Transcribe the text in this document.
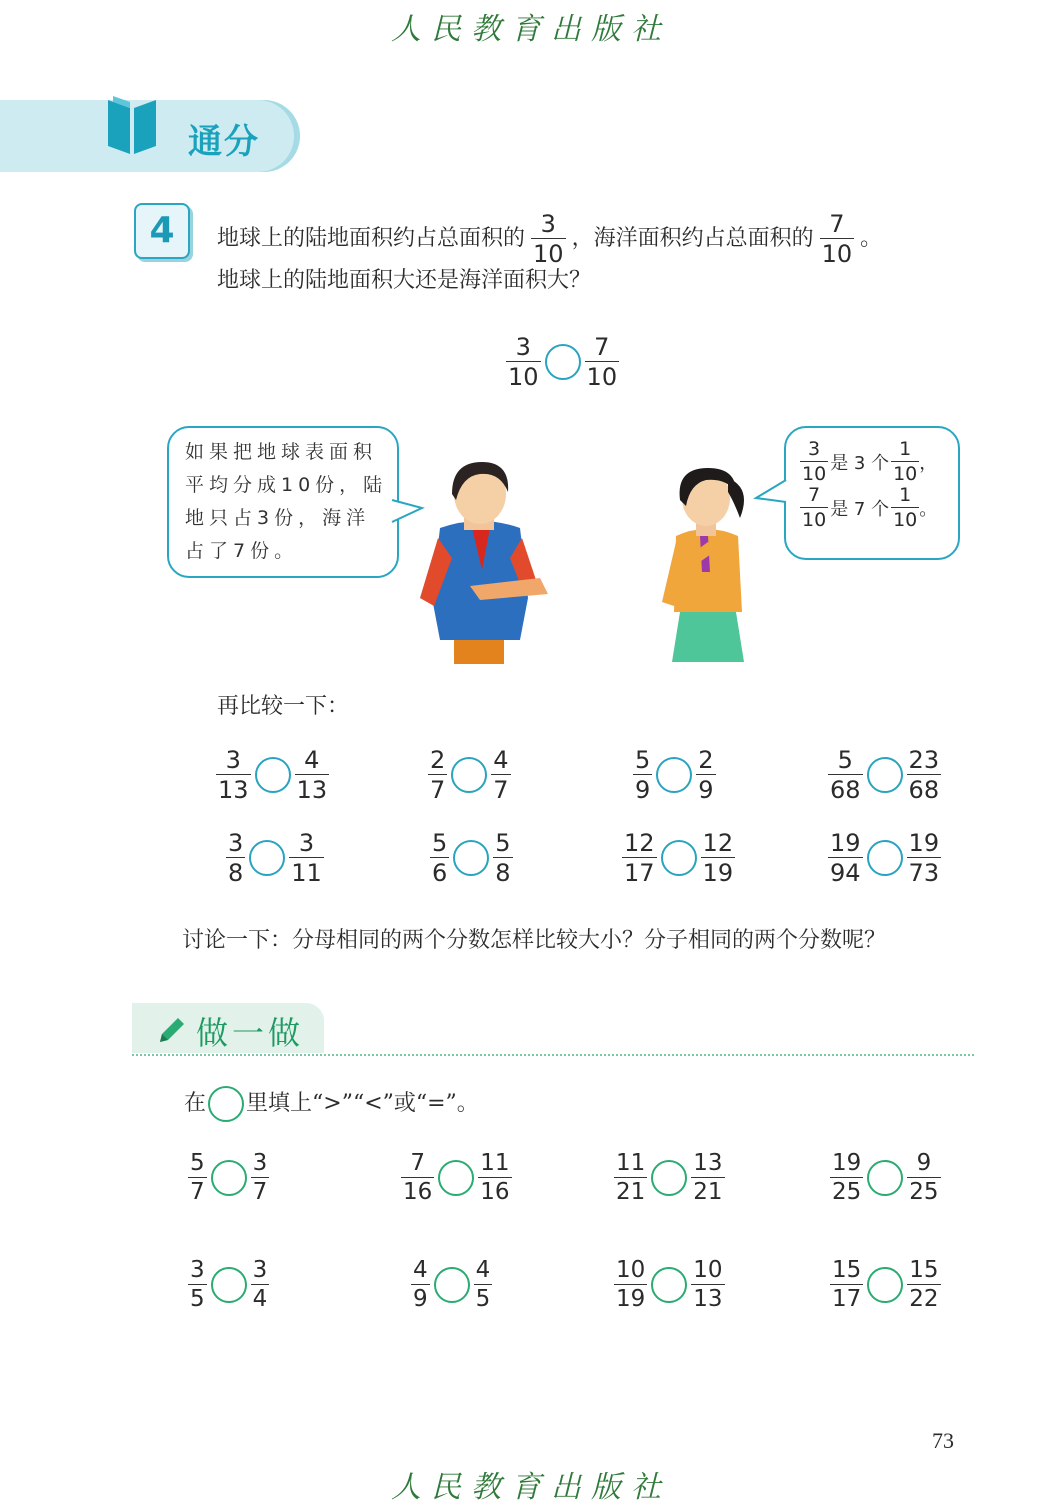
人民教育出版社
人民教育出版社
通分
4	地球上的陆地面积约占总面积的 $\frac{3}{10}$ ，海洋面积约占总面积的 $\frac{7}{10}$ 。
地球上的陆地面积大还是海洋面积大？
$\frac{3}{10} \frac{7}{10}$
如果把地球表面积
平均分成10份，陆
地只占3份，海洋
占了7份。
$\frac{3}{10}$ 是 3 个 $\frac{1}{10}$ ，
$\frac{7}{10}$ 是 7 个 $\frac{1}{10}$ 。
再比较一下：
$\frac{3}{13} \frac{4}{13}$	$\frac{2}{7} \frac{4}{7}$	$\frac{5}{9} \frac{2}{9}$	$\frac{5}{68} \frac{23}{68}$
$\frac{3}{8} \frac{3}{11}$	$\frac{5}{6} \frac{5}{8}$	$\frac{12}{17} \frac{12}{19}$	$\frac{19}{94} \frac{19}{73}$
讨论一下：分母相同的两个分数怎样比较大小？分子相同的两个分数呢？
做一做
在 里填上“>”“<”或“=”。
$\frac{5}{7} \frac{3}{7}$	$\frac{7}{16} \frac{11}{16}$	$\frac{11}{21} \frac{13}{21}$	$\frac{19}{25} \frac{9}{25}$
$\frac{3}{5} \frac{3}{4}$	$\frac{4}{9} \frac{4}{5}$	$\frac{10}{19} \frac{10}{13}$	$\frac{15}{17} \frac{15}{22}$
73
